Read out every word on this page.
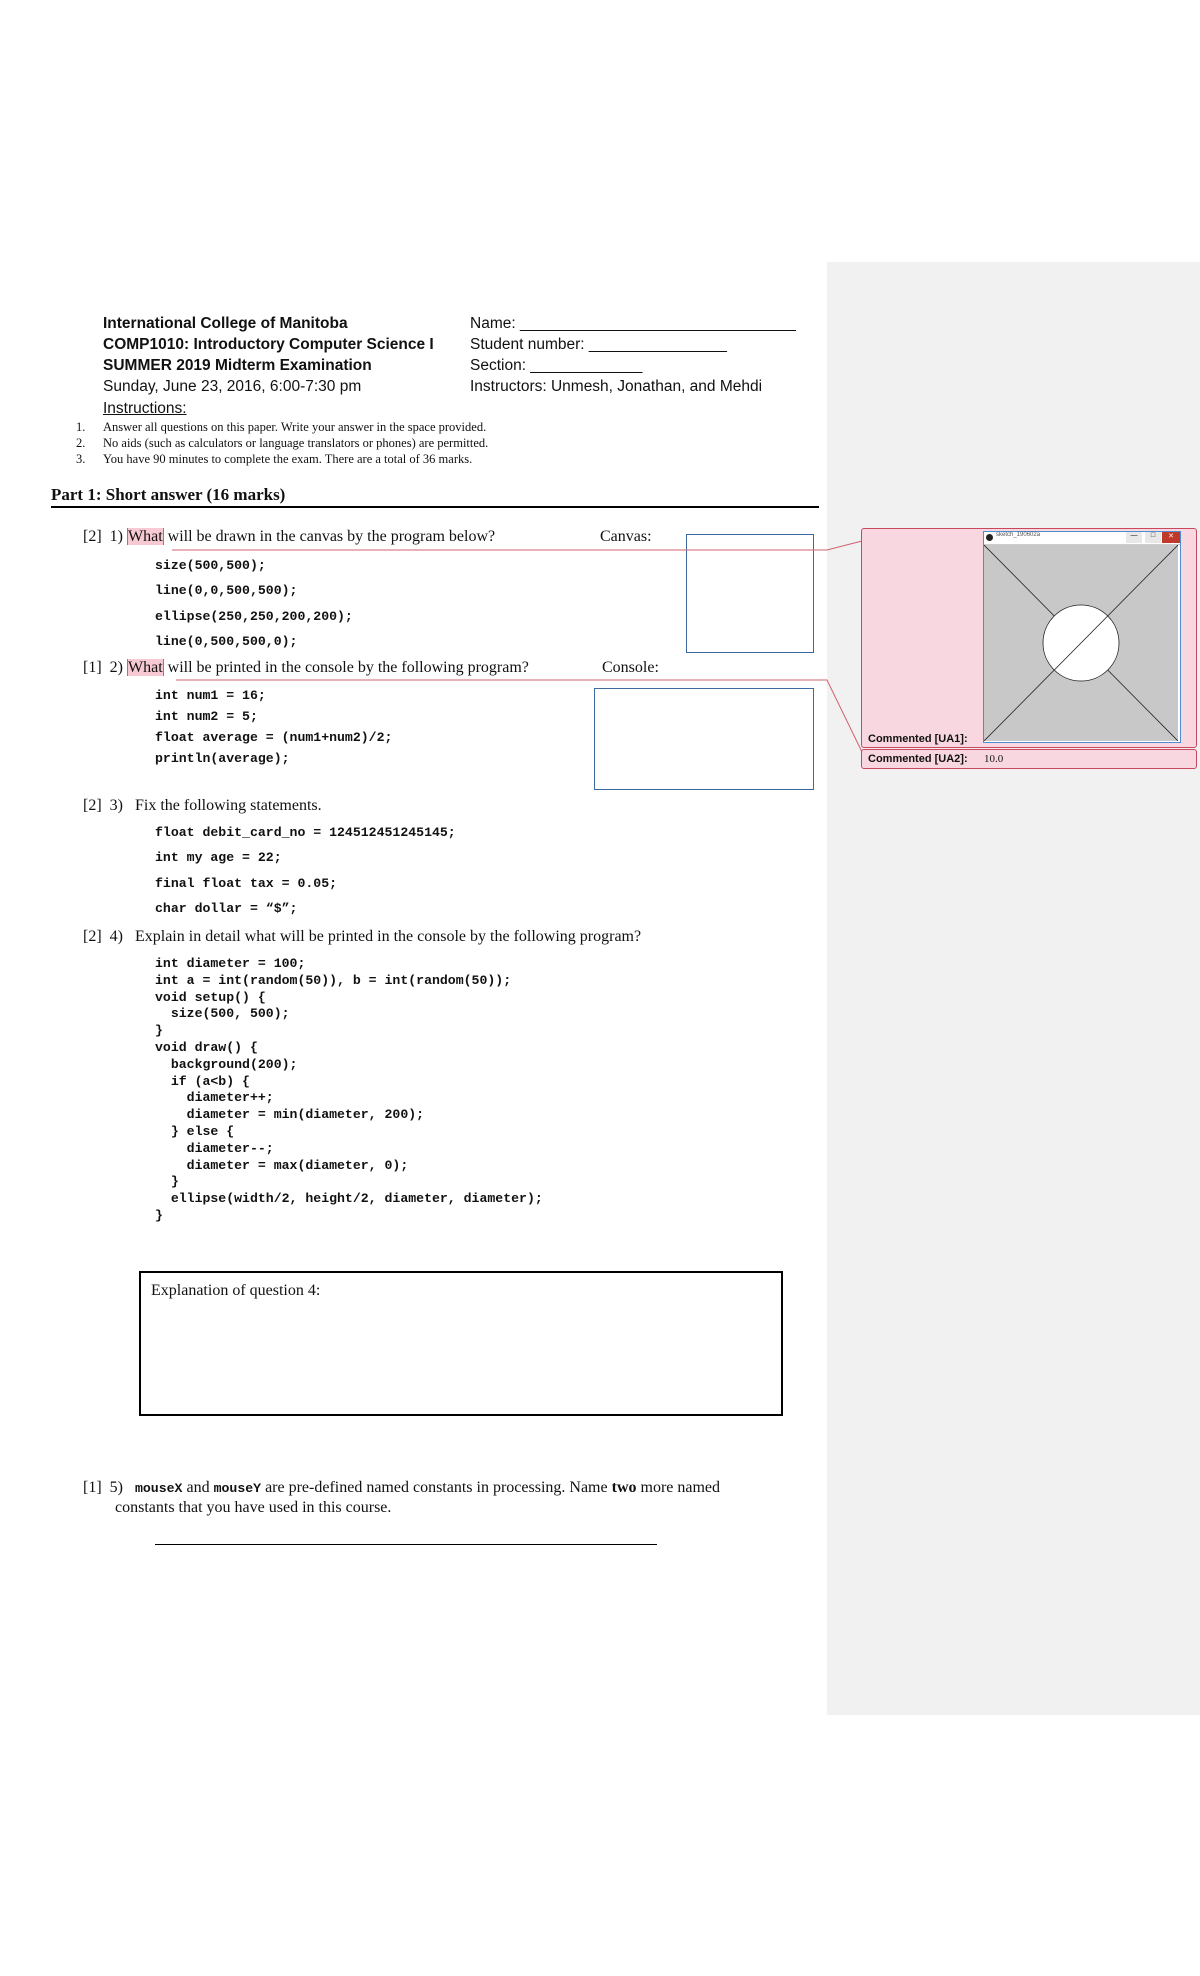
International College of Manitoba
COMP1010: Introductory Computer Science I
SUMMER 2019 Midterm Examination
Sunday, June 23, 2016, 6:00-7:30 pm
Name: ________________________________
Student number: ________________
Section: _____________
Instructors: Unmesh, Jonathan, and Mehdi
Instructions:
1. Answer all questions on this paper. Write your answer in the space provided.
2. No aids (such as calculators or language translators or phones) are permitted.
3. You have 90 minutes to complete the exam. There are a total of 36 marks.
Part 1: Short answer (16 marks)
[2] 1) What will be drawn in the canvas by the program below?	Canvas:
size(500,500);
line(0,0,500,500);
ellipse(250,250,200,200);
line(0,500,500,0);
[1] 2) What will be printed in the console by the following program?	Console:
int num1 = 16;
int num2 = 5;
float average = (num1+num2)/2;
println(average);
[2] 3) Fix the following statements.
float debit_card_no = 124512451245145;
int my age = 22;
final float tax = 0.05;
char dollar = “$”;
[2] 4) Explain in detail what will be printed in the console by the following program?
int diameter = 100;
int a = int(random(50)), b = int(random(50));
void setup() {
size(500, 500);
}
void draw() {
background(200);
if (a<b) {
diameter++;
diameter = min(diameter, 200);
} else {
diameter--;
diameter = max(diameter, 0);
}
ellipse(width/2, height/2, diameter, diameter);
}
Explanation of question 4:
[1] 5) mouseX and mouseY are pre-defined named constants in processing. Name two more named
constants that you have used in this course.
sketch_190602a	—	□	✕
Commented [UA1]:
Commented [UA2]: 10.0
